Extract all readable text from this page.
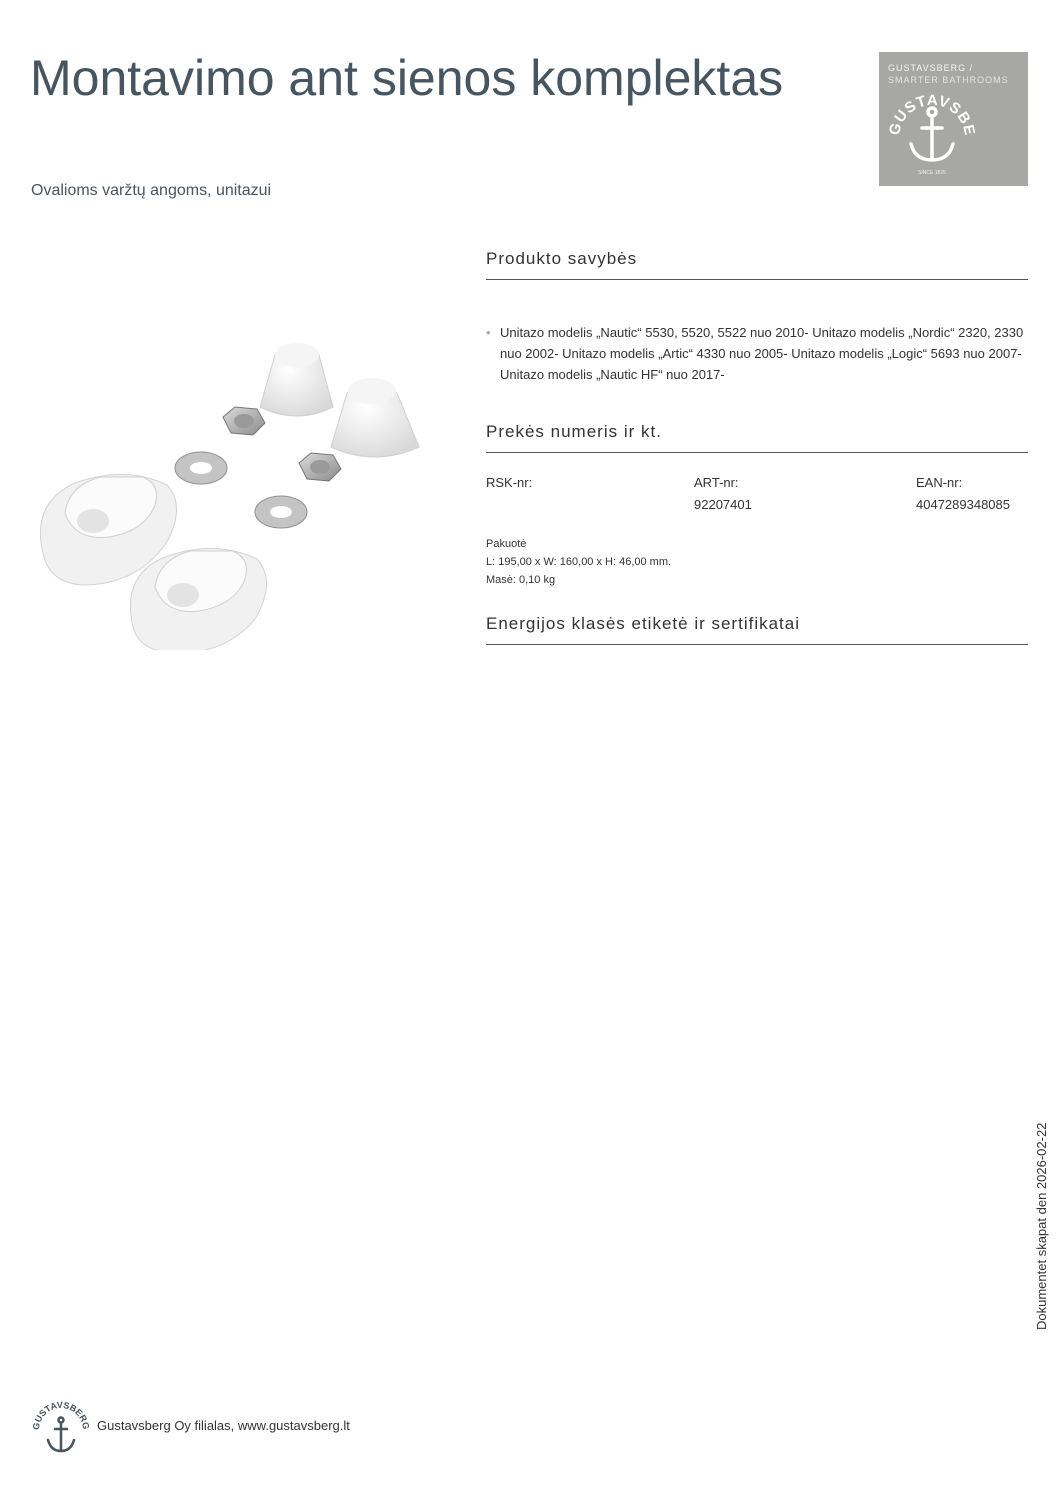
Montavimo ant sienos komplektas
Ovalioms varžtų angoms, unitazui
GUSTAVSBERG /
SMARTER BATHROOMS
GUSTAVSBE
SINCE 1825
Produkto savybės
• Unitazo modelis „Nautic“ 5530, 5520, 5522 nuo 2010- Unitazo modelis „Nordic“ 2320, 2330 nuo 2002- Unitazo modelis „Artic“ 4330 nuo 2005- Unitazo modelis „Logic“ 5693 nuo 2007- Unitazo modelis „Nautic HF“ nuo 2017-
Prekės numeris ir kt.
RSK-nr:	ART-nr:
92207401
EAN-nr:
4047289348085
Pakuotė
L: 195,00 x W: 160,00 x H: 46,00 mm.
Masė: 0,10 kg
Energijos klasės etiketė ir sertifikatai
Dokumentet skapat den 2026-02-22
USTAVSBER Gustavsberg Oy filialas, www.gustavsberg.lt
